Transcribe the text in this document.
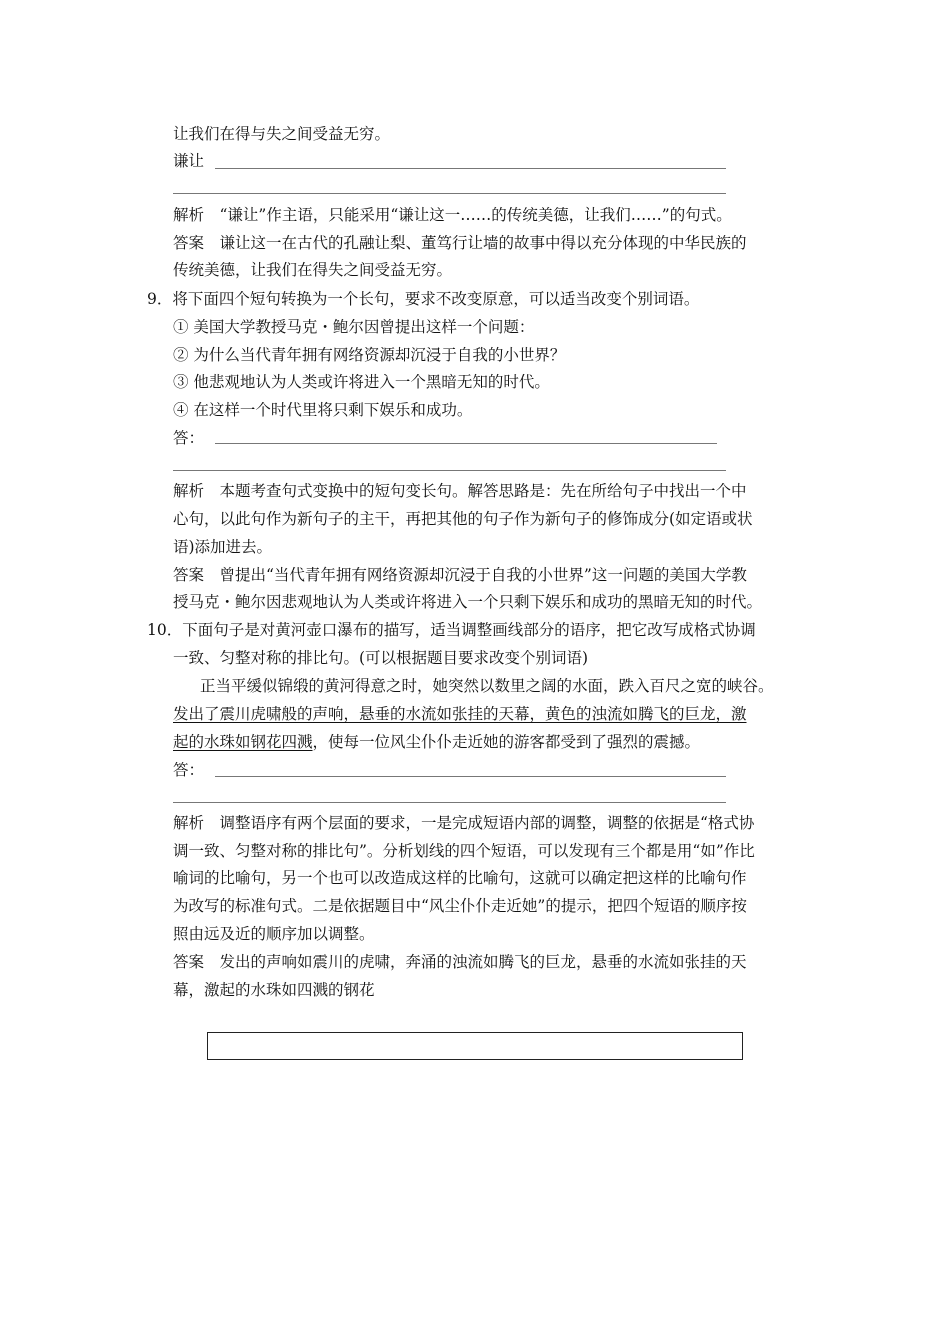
让我们在得与失之间受益无穷。
谦让
解析　“谦让”作主语，只能采用“谦让这一……的传统美德，让我们……”的句式。
答案　谦让这一在古代的孔融让梨、董笃行让墙的故事中得以充分体现的中华民族的
传统美德，让我们在得失之间受益无穷。
9．将下面四个短句转换为一个长句，要求不改变原意，可以适当改变个别词语。
① 美国大学教授马克・鲍尔因曾提出这样一个问题：
② 为什么当代青年拥有网络资源却沉浸于自我的小世界？
③ 他悲观地认为人类或许将进入一个黑暗无知的时代。
④ 在这样一个时代里将只剩下娱乐和成功。
答：
解析　本题考查句式变换中的短句变长句。解答思路是：先在所给句子中找出一个中
心句，以此句作为新句子的主干，再把其他的句子作为新句子的修饰成分(如定语或状
语)添加进去。
答案　曾提出“当代青年拥有网络资源却沉浸于自我的小世界”这一问题的美国大学教
授马克・鲍尔因悲观地认为人类或许将进入一个只剩下娱乐和成功的黑暗无知的时代。
10．下面句子是对黄河壶口瀑布的描写，适当调整画线部分的语序，把它改写成格式协调
一致、匀整对称的排比句。(可以根据题目要求改变个别词语)
正当平缓似锦缎的黄河得意之时，她突然以数里之阔的水面，跌入百尺之宽的峡谷。
发出了震川虎啸般的声响，悬垂的水流如张挂的天幕，黄色的浊流如腾飞的巨龙，激
起的水珠如钢花四溅，使每一位风尘仆仆走近她的游客都受到了强烈的震撼。
答：
解析　调整语序有两个层面的要求，一是完成短语内部的调整，调整的依据是“格式协
调一致、匀整对称的排比句”。分析划线的四个短语，可以发现有三个都是用“如”作比
喻词的比喻句，另一个也可以改造成这样的比喻句，这就可以确定把这样的比喻句作
为改写的标准句式。二是依据题目中“风尘仆仆走近她”的提示，把四个短语的顺序按
照由远及近的顺序加以调整。
答案　发出的声响如震川的虎啸，奔涌的浊流如腾飞的巨龙，悬垂的水流如张挂的天
幕，激起的水珠如四溅的钢花
